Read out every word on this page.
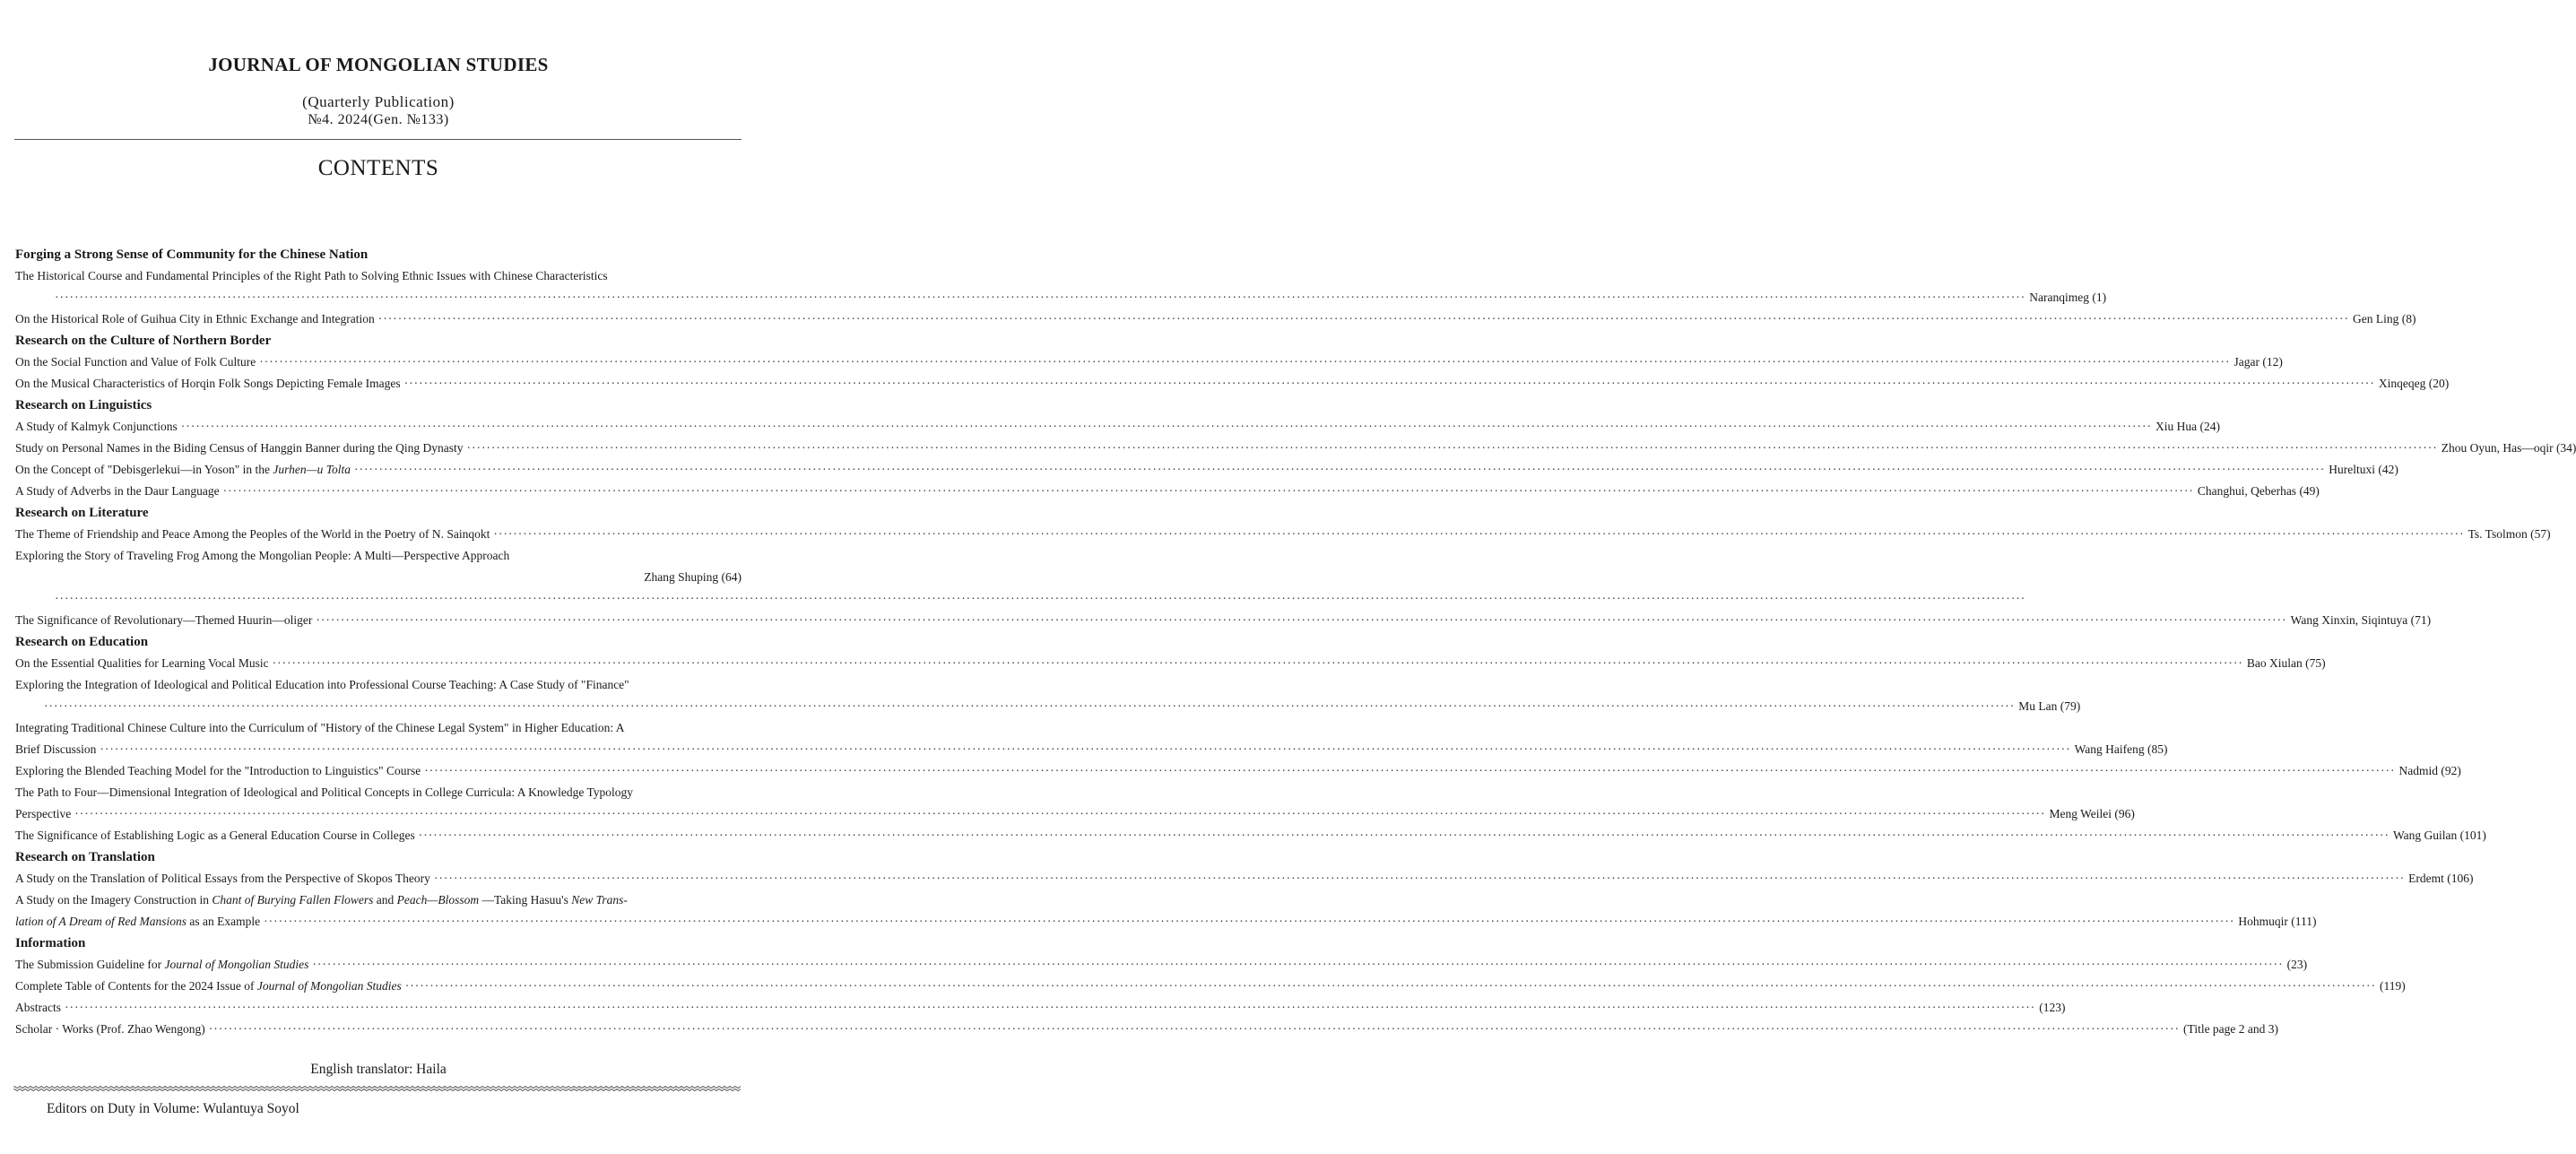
JOURNAL OF MONGOLIAN STUDIES
(Quarterly Publication)
№4. 2024(Gen. №133)
CONTENTS
Forging a Strong Sense of Community for the Chinese Nation
The Historical Course and Fundamental Principles of the Right Path to Solving Ethnic Issues with Chinese Characteristics
················································································································································································································································································································································································································ Naranqimeg (1)
On the Historical Role of Guihua City in Ethnic Exchange and Integration ················································································································································································································································································································································································································ Gen Ling (8)
Research on the Culture of Northern Border
On the Social Function and Value of Folk Culture ················································································································································································································································································································································································································ Jagar (12)
On the Musical Characteristics of Horqin Folk Songs Depicting Female Images ················································································································································································································································································································································································································ Xinqeqeg (20)
Research on Linguistics
A Study of Kalmyk Conjunctions ················································································································································································································································································································································································································ Xiu Hua (24)
Study on Personal Names in the Biding Census of Hanggin Banner during the Qing Dynasty ················································································································································································································································································································································································································ Zhou Oyun, Has—oqir (34)
On the Concept of "Debisgerlekui—in Yoson" in the Jurhen—u Tolta ················································································································································································································································································································································································································ Hureltuxi (42)
A Study of Adverbs in the Daur Language ················································································································································································································································································································································································································ Changhui, Qeberhas (49)
Research on Literature
The Theme of Friendship and Peace Among the Peoples of the World in the Poetry of N. Sainqokt ················································································································································································································································································································································································································ Ts. Tsolmon (57)
Exploring the Story of Traveling Frog Among the Mongolian People: A Multi—Perspective Approach
Zhang Shuping (64)
················································································································································································································································································································································································································
The Significance of Revolutionary—Themed Huurin—oliger ················································································································································································································································································································································································································ Wang Xinxin, Siqintuya (71)
Research on Education
On the Essential Qualities for Learning Vocal Music ················································································································································································································································································································································································································ Bao Xiulan (75)
Exploring the Integration of Ideological and Political Education into Professional Course Teaching: A Case Study of "Finance"
················································································································································································································································································································································································································ Mu Lan (79)
Integrating Traditional Chinese Culture into the Curriculum of "History of the Chinese Legal System" in Higher Education: A
Brief Discussion ················································································································································································································································································································································································································ Wang Haifeng (85)
Exploring the Blended Teaching Model for the "Introduction to Linguistics" Course ················································································································································································································································································································································································································ Nadmid (92)
The Path to Four—Dimensional Integration of Ideological and Political Concepts in College Curricula: A Knowledge Typology
Perspective ················································································································································································································································································································································································································ Meng Weilei (96)
The Significance of Establishing Logic as a General Education Course in Colleges ················································································································································································································································································································································································································ Wang Guilan (101)
Research on Translation
A Study on the Translation of Political Essays from the Perspective of Skopos Theory ················································································································································································································································································································································································································ Erdemt (106)
A Study on the Imagery Construction in Chant of Burying Fallen Flowers and Peach—Blossom —Taking Hasuu's New Trans-
lation of A Dream of Red Mansions as an Example ················································································································································································································································································································································································································ Hohmuqir (111)
Information
The Submission Guideline for Journal of Mongolian Studies ················································································································································································································································································································································································································ (23)
Complete Table of Contents for the 2024 Issue of Journal of Mongolian Studies ················································································································································································································································································································································································································ (119)
Abstracts ················································································································································································································································································································································································································ (123)
Scholar · Works (Prof. Zhao Wengong) ················································································································································································································································································································································································································ (Title page 2 and 3)
English translator: Haila
Editors on Duty in Volume: Wulantuya Soyol
